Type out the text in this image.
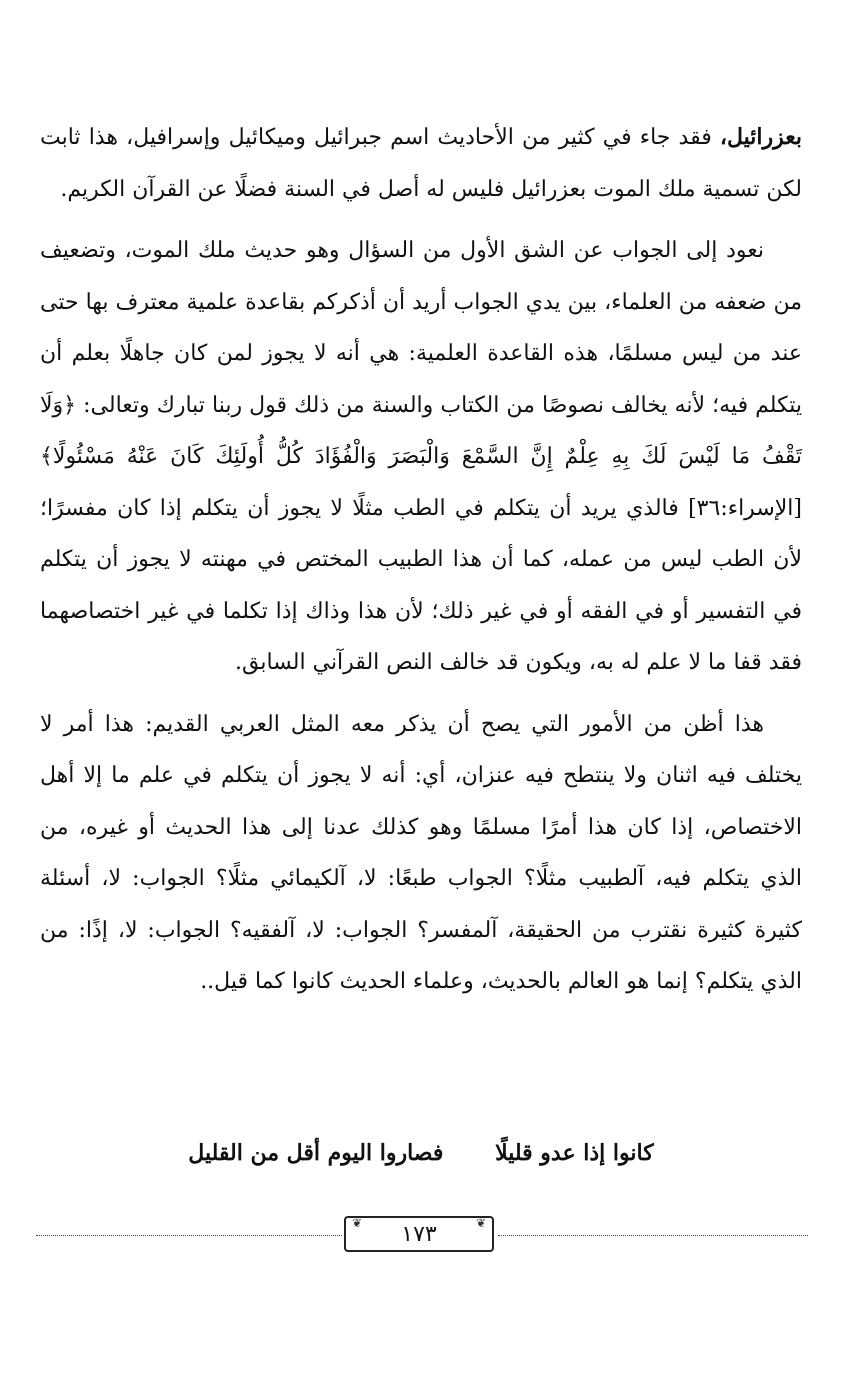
بعزرائيل، فقد جاء في كثير من الأحاديث اسم جبرائيل وميكائيل وإسرافيل، هذا ثابت لكن تسمية ملك الموت بعزرائيل فليس له أصل في السنة فضلًا عن القرآن الكريم.

نعود إلى الجواب عن الشق الأول من السؤال وهو حديث ملك الموت، وتضعيف من ضعفه من العلماء، بين يدي الجواب أريد أن أذكركم بقاعدة علمية معترف بها حتى عند من ليس مسلمًا، هذه القاعدة العلمية: هي أنه لا يجوز لمن كان جاهلًا بعلم أن يتكلم فيه؛ لأنه يخالف نصوصًا من الكتاب والسنة من ذلك قول ربنا تبارك وتعالى: ﴿وَلَا تَقْفُ مَا لَيْسَ لَكَ بِهِ عِلْمٌ إِنَّ السَّمْعَ وَالْبَصَرَ وَالْفُؤَادَ كُلُّ أُولَئِكَ كَانَ عَنْهُ مَسْئُولًا﴾[الإسراء:٣٦] فالذي يريد أن يتكلم في الطب مثلًا لا يجوز أن يتكلم إذا كان مفسرًا؛ لأن الطب ليس من عمله، كما أن هذا الطبيب المختص في مهنته لا يجوز أن يتكلم في التفسير أو في الفقه أو في غير ذلك؛ لأن هذا وذاك إذا تكلما في غير اختصاصهما فقد قفا ما لا علم له به، ويكون قد خالف النص القرآني السابق.

هذا أظن من الأمور التي يصح أن يذكر معه المثل العربي القديم: هذا أمر لا يختلف فيه اثنان ولا ينتطح فيه عنزان، أي: أنه لا يجوز أن يتكلم في علم ما إلا أهل الاختصاص، إذا كان هذا أمرًا مسلمًا وهو كذلك عدنا إلى هذا الحديث أو غيره، من الذي يتكلم فيه، آلطبيب مثلًا؟ الجواب طبعًا: لا، آلكيمائي مثلًا؟ الجواب: لا، أسئلة كثيرة كثيرة نقترب من الحقيقة، آلمفسر؟ الجواب: لا، آلفقيه؟ الجواب: لا، إذًا: من الذي يتكلم؟ إنما هو العالم بالحديث، وعلماء الحديث كانوا كما قيل..

كانوا إذا عدو قليلًا فصاروا اليوم أقل من القليل
❦	❦
١٧٣
